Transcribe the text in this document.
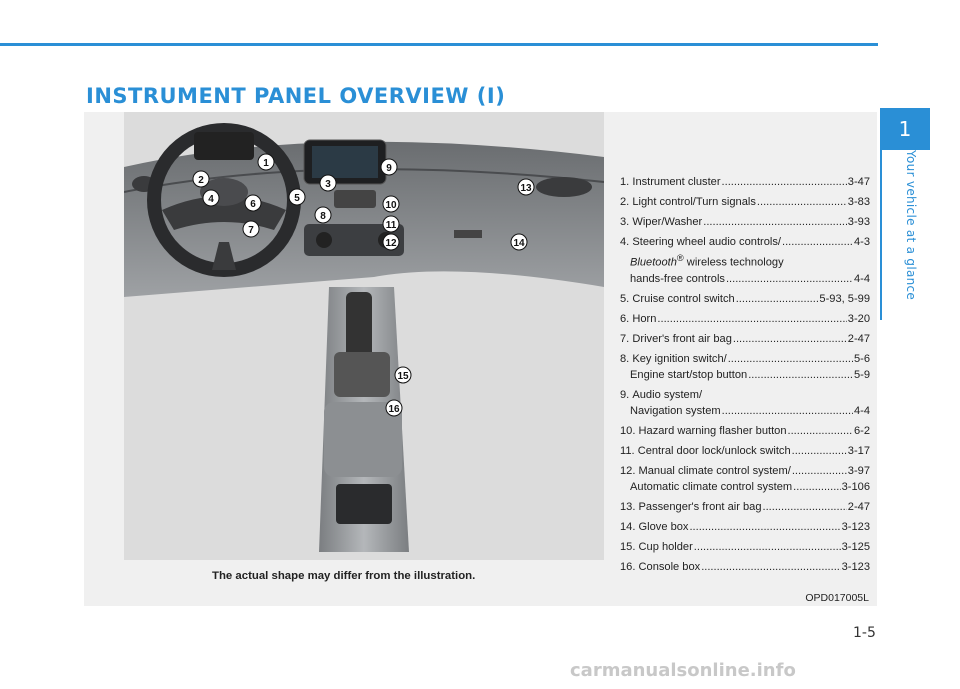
INSTRUMENT PANEL OVERVIEW (I)
1
Your vehicle at a glance
1
2	3
4	5
6
7
8
9
10
11
12
13
14
15
16
1.
Instrument cluster .....	3-47
2.
Light control/Turn signals .....	3-83
3.
Wiper/Washer .....	3-93
4.
Steering wheel audio controls/ .....	4-3
Bluetooth® wireless technology
hands-free controls .....	4-4
5.
Cruise control switch .....	5-93, 5-99
6.
Horn .....	3-20
7.
Driver's front air bag .....	2-47
8.
Key ignition switch/ .....	5-6
Engine start/stop button .....	5-9
9.
Audio system/
Navigation system .....	4-4
10.
Hazard warning flasher button .....	6-2
11.
Central door lock/unlock switch .....	3-17
12.
Manual climate control system/ .....	3-97
Automatic climate control system .....	3-106
13.
Passenger's front air bag .....	2-47
14.
Glove box .....	3-123
15.
Cup holder .....	3-125
16.
Console box .....	3-123
The actual shape may differ from the illustration.
OPD017005L
1-5
carmanualsonline.info
